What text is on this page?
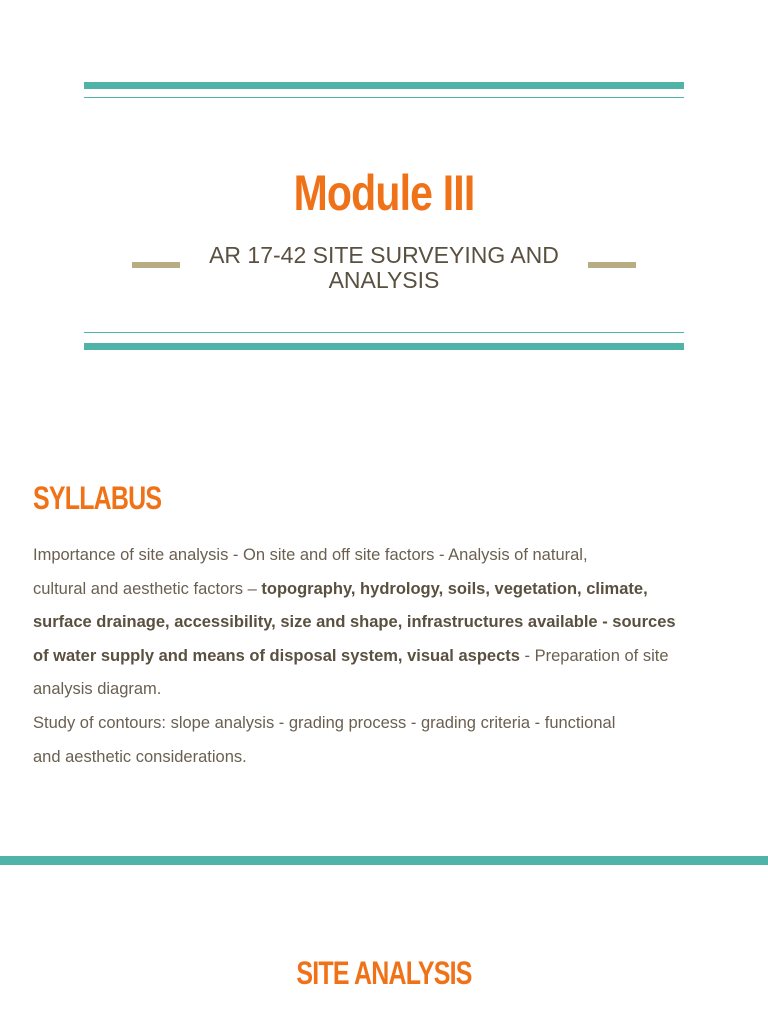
Module III
AR 17-42 SITE SURVEYING AND
ANALYSIS
SYLLABUS
Importance of site analysis - On site and off site factors - Analysis of natural,
cultural and aesthetic factors – topography, hydrology, soils, vegetation, climate,
surface drainage, accessibility, size and shape, infrastructures available - sources
of water supply and means of disposal system, visual aspects - Preparation of site
analysis diagram.
Study of contours: slope analysis - grading process - grading criteria - functional
and aesthetic considerations.
SITE ANALYSIS
